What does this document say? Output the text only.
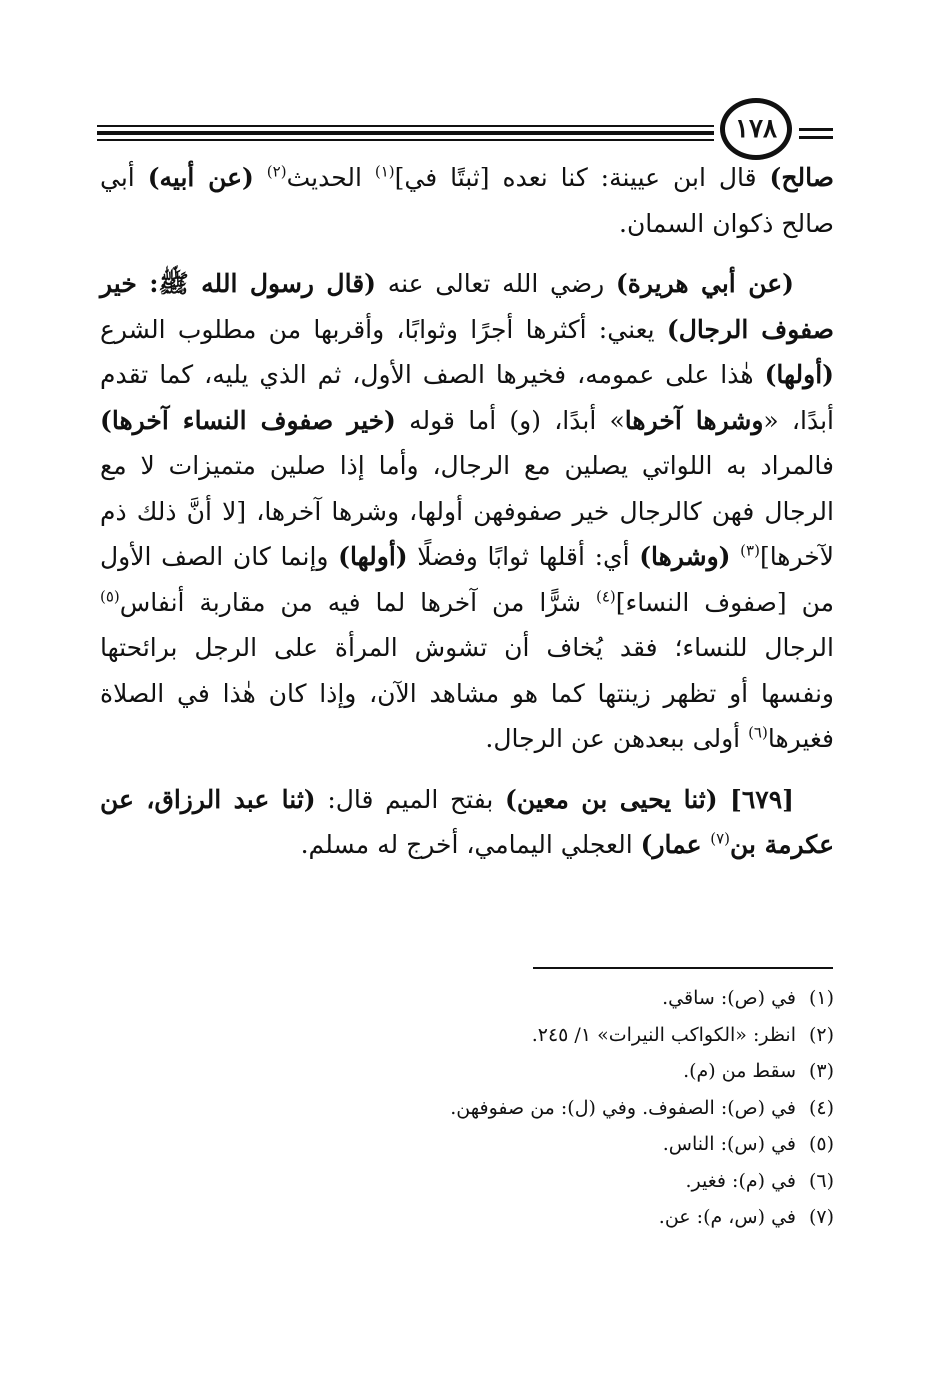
١٧٨

صالح) قال ابن عيينة: كنا نعده [ثبتًا في]$^{(١)}$ الحديث$^{(٢)}$ (عن أبيه) أبي صالح ذكوان السمان.

(عن أبي هريرة) رضي الله تعالى عنه (قال رسول الله ﷺ: خير صفوف الرجال) يعني: أكثرها أجرًا وثوابًا، وأقربها من مطلوب الشرع (أولها) هٰذا على عمومه، فخيرها الصف الأول، ثم الذي يليه، كما تقدم أبدًا، «وشرها آخرها» أبدًا، (و) أما قوله (خير صفوف النساء آخرها) فالمراد به اللواتي يصلين مع الرجال، وأما إذا صلين متميزات لا مع الرجال فهن كالرجال خير صفوفهن أولها، وشرها آخرها، [لا أنَّ ذلك ذم لآخرها]$^{(٣)}$ (وشرها) أي: أقلها ثوابًا وفضلًا (أولها) وإنما كان الصف الأول من [صفوف النساء]$^{(٤)}$ شرًّا من آخرها لما فيه من مقاربة أنفاس$^{(٥)}$ الرجال للنساء؛ فقد يُخاف أن تشوش المرأة على الرجل برائحتها ونفسها أو تظهر زينتها كما هو مشاهد الآن، وإذا كان هٰذا في الصلاة فغيرها$^{(٦)}$ أولى ببعدهن عن الرجال.

[٦٧٩] (ثنا يحيى بن معين) بفتح الميم قال: (ثنا عبد الرزاق، عن عكرمة بن$^{(٧)}$ عمار) العجلي اليمامي، أخرج له مسلم.

(١)في (ص): ساقي.
(٢)انظر: «الكواكب النيرات» ١/ ٢٤٥.
(٣)سقط من (م).
(٤)في (ص): الصفوف. وفي (ل): من صفوفهن.
(٥)في (س): الناس.
(٦)في (م): فغير.
(٧)في (س، م): عن.
